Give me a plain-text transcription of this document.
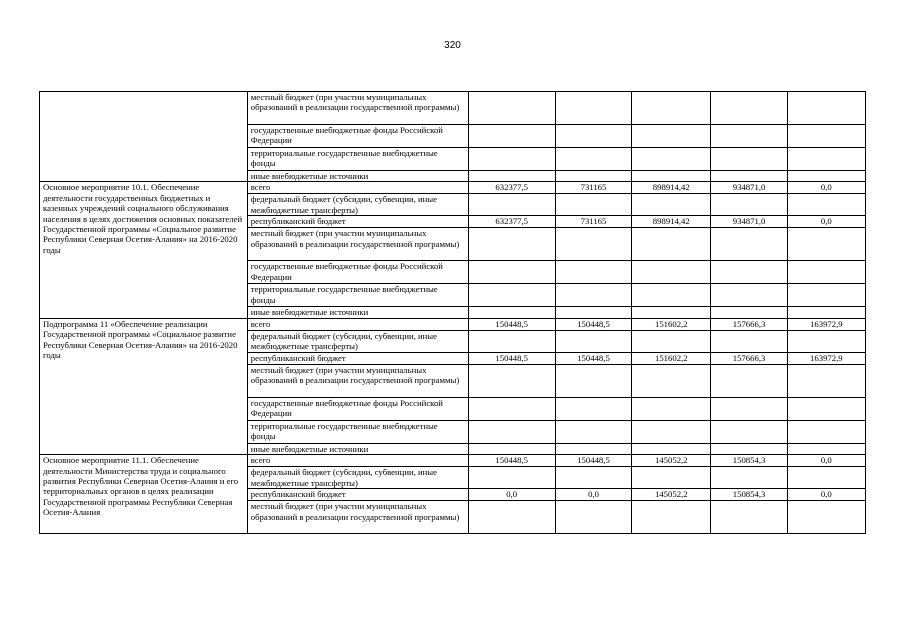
320
	местный бюджет (при участии муниципальных образований в реализации государственной программы)					
	государственные внебюджетные фонды Российской Федерации					
	территориальные государственные внебюджетные фонды					
	иные внебюджетные источники					
Основное мероприятие 10.1. Обеспечение деятельности государственных бюджетных и казенных учреждений социального обслуживания населения в целях достижения основных показателей Государственной программы «Социальное развитие Республики Северная Осетия-Алания» на 2016-2020 годы	всего	632377,5	731165	898914,42	934871,0	0,0
	федеральный бюджет (субсидии, субвенции, иные межбюджетные трансферты)					
	республиканский бюджет	632377,5	731165	898914,42	934871,0	0,0
	местный бюджет (при участии муниципальных образований в реализации государственной программы)					
	государственные внебюджетные фонды Российской Федерации					
	территориальные государственные внебюджетные фонды					
	иные внебюджетные источники					
Подпрограмма 11 «Обеспечение реализации Государственной программы «Социальное развитие Республики Северная Осетия-Алания» на 2016-2020 годы	всего	150448,5	150448,5	151602,2	157666,3	163972,9
	федеральный бюджет (субсидии, субвенции, иные межбюджетные трансферты)					
	республиканский бюджет	150448,5	150448,5	151602,2	157666,3	163972,9
	местный бюджет (при участии муниципальных образований в реализации государственной программы)					
	государственные внебюджетные фонды Российской Федерации					
	территориальные государственные внебюджетные фонды					
	иные внебюджетные источники					
Основное мероприятие 11.1. Обеспечение деятельности Министерства труда и социального развития Республики Северная Осетия-Алания и его территориальных органов в целях реализации Государственной программы Республики Северная Осетия-Алания	всего	150448,5	150448,5	145052,2	150854,3	0,0
	федеральный бюджет (субсидии, субвенции, иные межбюджетные трансферты)					
	республиканский бюджет	0,0	0,0	145052,2	150854,3	0,0
	местный бюджет (при участии муниципальных образований в реализации государственной программы)					
